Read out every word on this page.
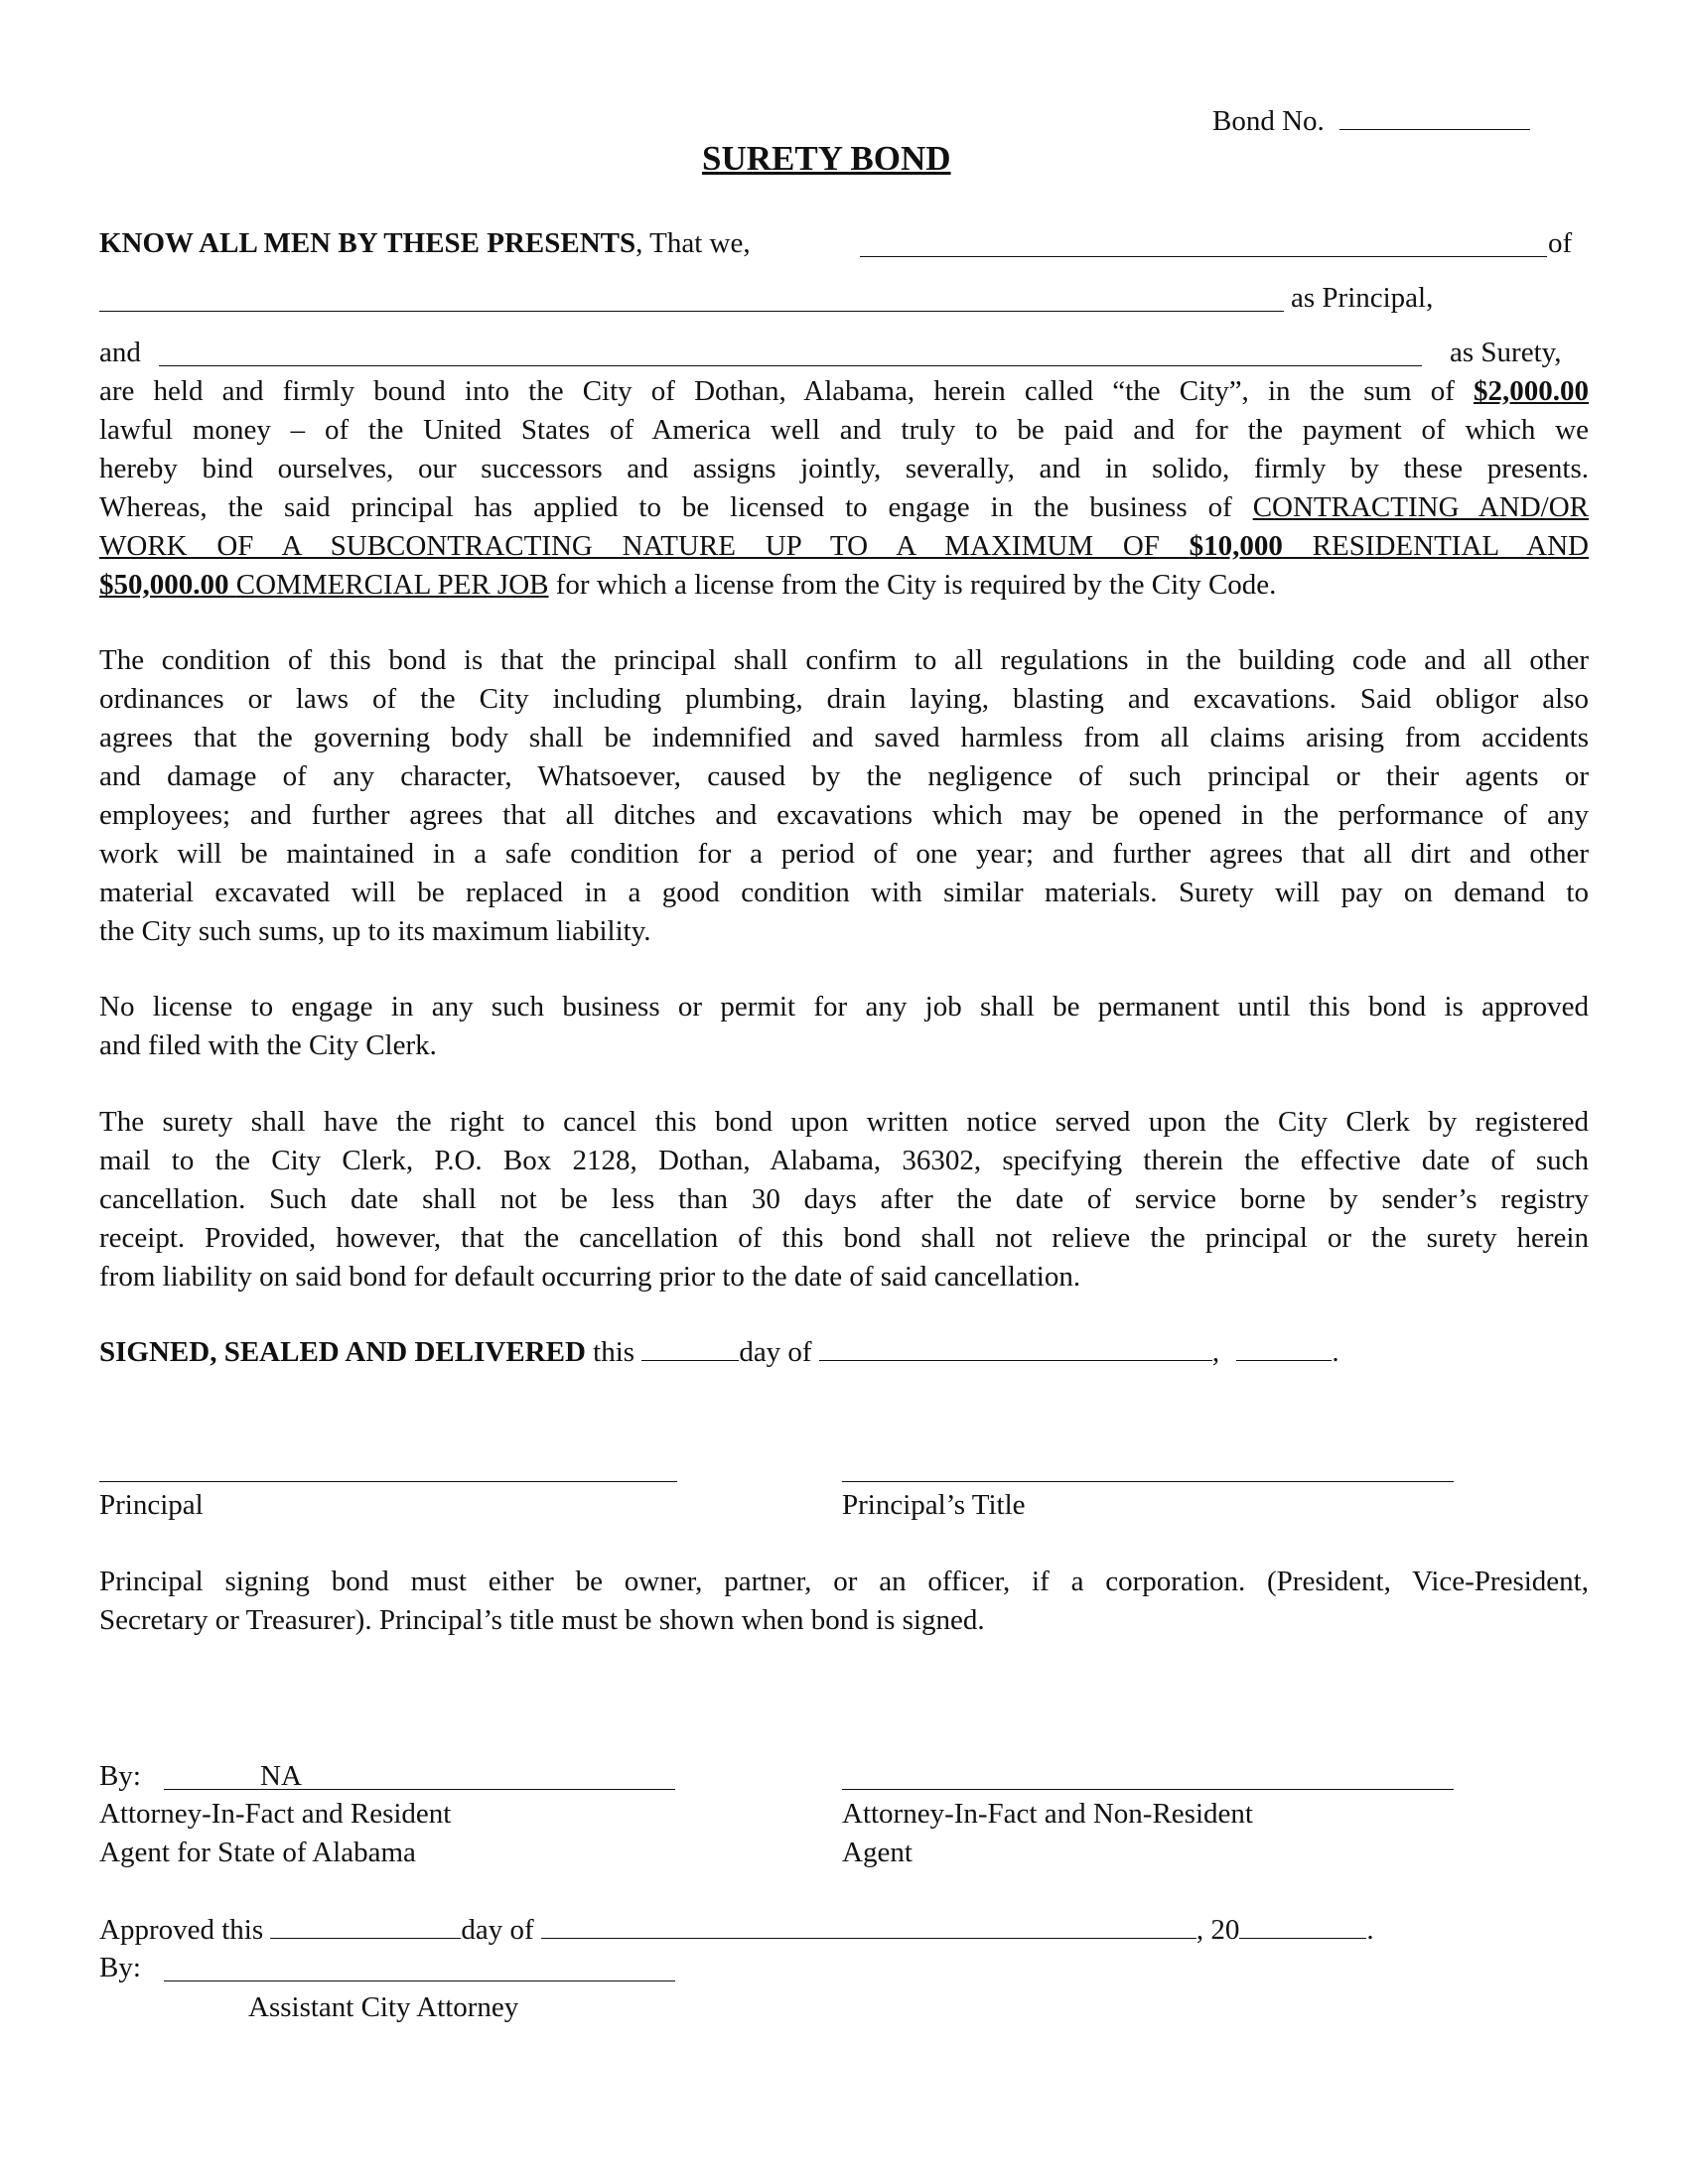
Bond No.
SURETY BOND
KNOW ALL MEN BY THESE PRESENTS, That we,	of
as Principal,
and	as Surety,
are held and firmly bound into the City of Dothan, Alabama, herein called “the City”, in the sum of $2,000.00
lawful money – of the United States of America well and truly to be paid and for the payment of which we
hereby bind ourselves, our successors and assigns jointly, severally, and in solido, firmly by these presents.
Whereas, the said principal has applied to be licensed to engage in the business of CONTRACTING AND/OR
WORK OF A SUBCONTRACTING NATURE UP TO A MAXIMUM OF $10,000 RESIDENTIAL AND
$50,000.00 COMMERCIAL PER JOB for which a license from the City is required by the City Code.
The condition of this bond is that the principal shall confirm to all regulations in the building code and all other
ordinances or laws of the City including plumbing, drain laying, blasting and excavations. Said obligor also
agrees that the governing body shall be indemnified and saved harmless from all claims arising from accidents
and damage of any character, Whatsoever, caused by the negligence of such principal or their agents or
employees; and further agrees that all ditches and excavations which may be opened in the performance of any
work will be maintained in a safe condition for a period of one year; and further agrees that all dirt and other
material excavated will be replaced in a good condition with similar materials. Surety will pay on demand to
the City such sums, up to its maximum liability.
No license to engage in any such business or permit for any job shall be permanent until this bond is approved
and filed with the City Clerk.
The surety shall have the right to cancel this bond upon written notice served upon the City Clerk by registered
mail to the City Clerk, P.O. Box 2128, Dothan, Alabama, 36302, specifying therein the effective date of such
cancellation. Such date shall not be less than 30 days after the date of service borne by sender’s registry
receipt. Provided, however, that the cancellation of this bond shall not relieve the principal or the surety herein
from liability on said bond for default occurring prior to the date of said cancellation.
SIGNED, SEALED AND DELIVERED this	day of	,	.
Principal	Principal’s Title
Principal signing bond must either be owner, partner, or an officer, if a corporation. (President, Vice-President,
Secretary or Treasurer). Principal’s title must be shown when bond is signed.
By:	NA
Attorney-In-Fact and Resident
Agent for State of Alabama
Attorney-In-Fact and Non-Resident
Agent
Approved this	day of	, 20	.
By:
Assistant City Attorney
